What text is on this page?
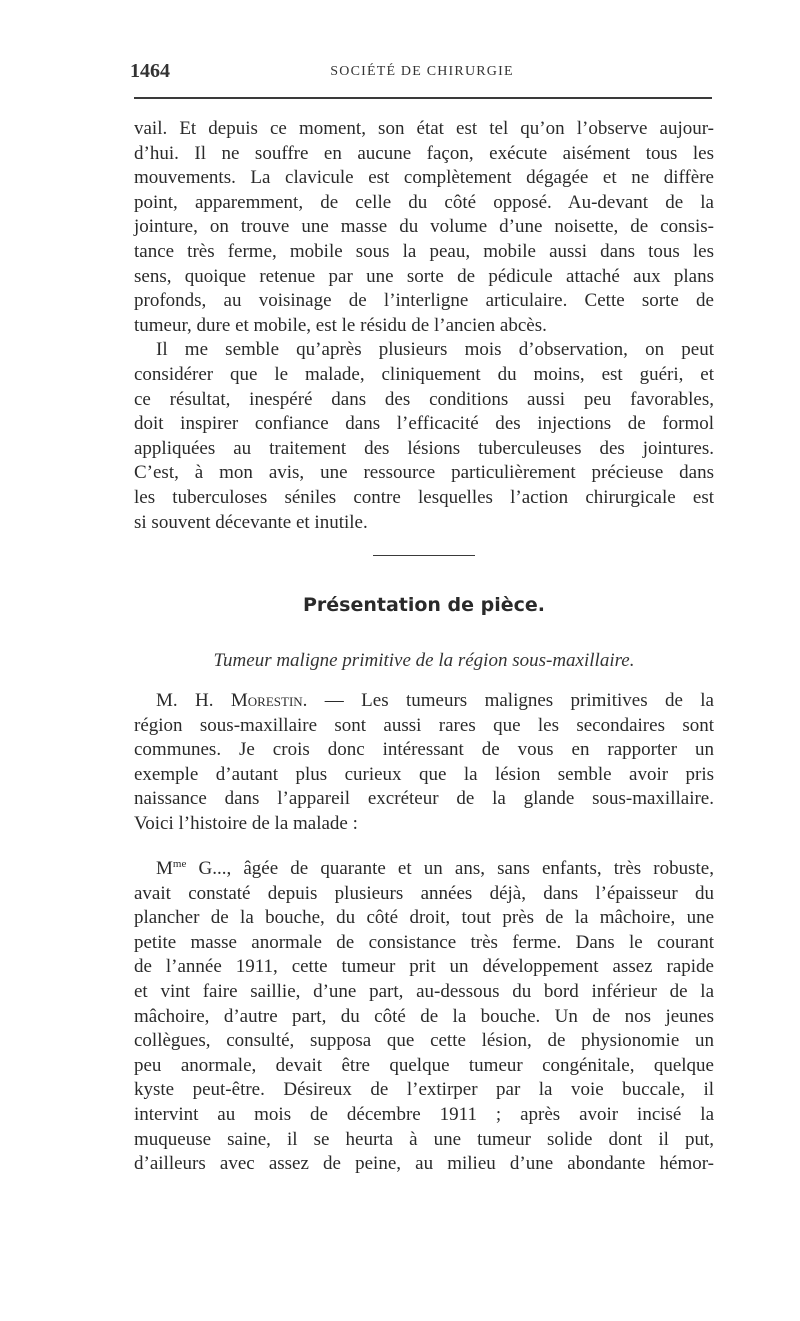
1464	SOCIÉTÉ DE CHIRURGIE
vail. Et depuis ce moment, son état est tel qu’on l’observe aujour-
d’hui. Il ne souffre en aucune façon, exécute aisément tous les
mouvements. La clavicule est complètement dégagée et ne diffère
point, apparemment, de celle du côté opposé. Au-devant de la
jointure, on trouve une masse du volume d’une noisette, de consis-
tance très ferme, mobile sous la peau, mobile aussi dans tous les
sens, quoique retenue par une sorte de pédicule attaché aux plans
profonds, au voisinage de l’interligne articulaire. Cette sorte de
tumeur, dure et mobile, est le résidu de l’ancien abcès.
Il me semble qu’après plusieurs mois d’observation, on peut
considérer que le malade, cliniquement du moins, est guéri, et
ce résultat, inespéré dans des conditions aussi peu favorables,
doit inspirer confiance dans l’efficacité des injections de formol
appliquées au traitement des lésions tuberculeuses des jointures.
C’est, à mon avis, une ressource particulièrement précieuse dans
les tuberculoses séniles contre lesquelles l’action chirurgicale est
si souvent décevante et inutile.
Présentation de pièce.
Tumeur maligne primitive de la région sous-maxillaire.
M. H. Morestin. — Les tumeurs malignes primitives de la
région sous-maxillaire sont aussi rares que les secondaires sont
communes. Je crois donc intéressant de vous en rapporter un
exemple d’autant plus curieux que la lésion semble avoir pris
naissance dans l’appareil excréteur de la glande sous-maxillaire.
Voici l’histoire de la malade :
$M^{me}$ G..., âgée de quarante et un ans, sans enfants, très robuste,
avait constaté depuis plusieurs années déjà, dans l’épaisseur du
plancher de la bouche, du côté droit, tout près de la mâchoire, une
petite masse anormale de consistance très ferme. Dans le courant
de l’année 1911, cette tumeur prit un développement assez rapide
et vint faire saillie, d’une part, au-dessous du bord inférieur de la
mâchoire, d’autre part, du côté de la bouche. Un de nos jeunes
collègues, consulté, supposa que cette lésion, de physionomie un
peu anormale, devait être quelque tumeur congénitale, quelque
kyste peut-être. Désireux de l’extirper par la voie buccale, il
intervint au mois de décembre 1911 ; après avoir incisé la
muqueuse saine, il se heurta à une tumeur solide dont il put,
d’ailleurs avec assez de peine, au milieu d’une abondante hémor-
